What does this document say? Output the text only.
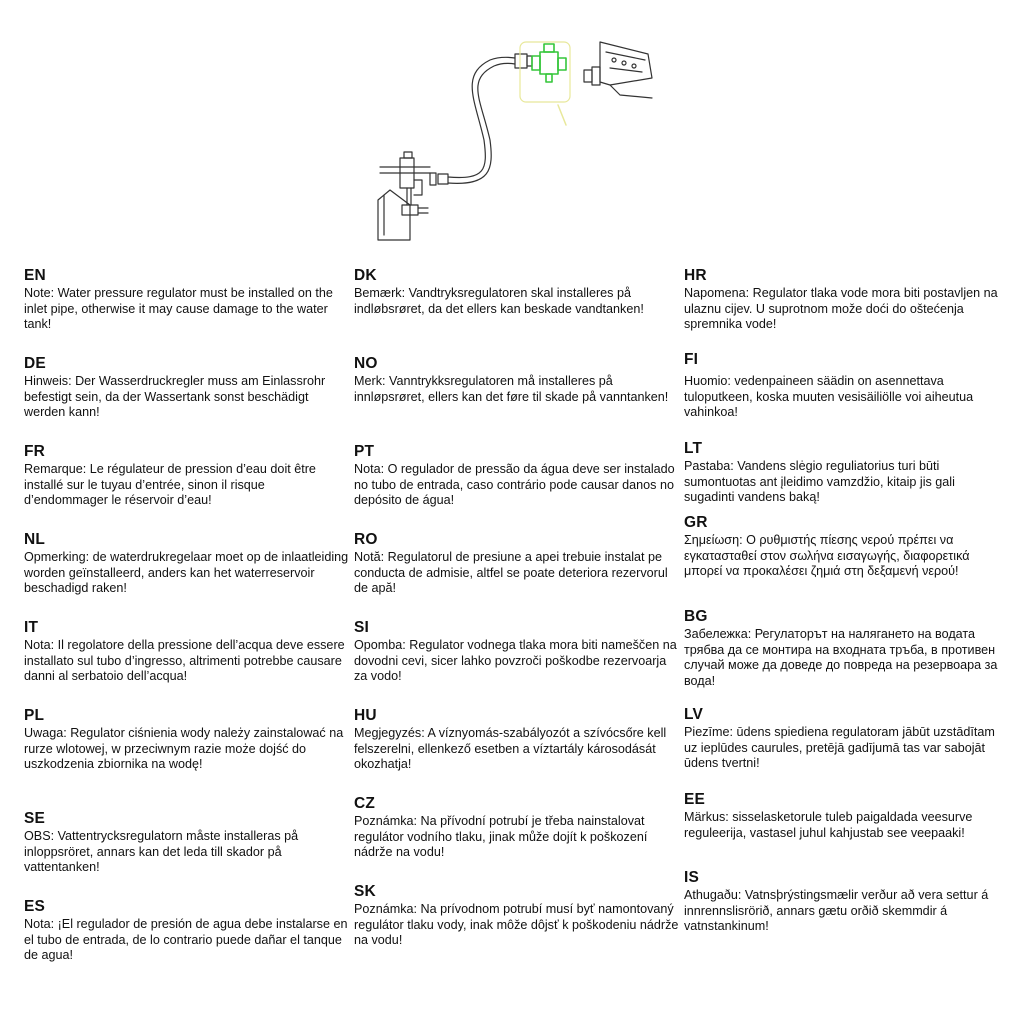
EN

Note: Water pressure regulator must be installed on the inlet pipe, otherwise it may cause damage to the water tank!

DE

Hinweis: Der Wasserdruckregler muss am Einlassrohr befestigt sein, da der Wassertank sonst beschädigt werden kann!

FR

Remarque: Le régulateur de pression d’eau doit être installé sur le tuyau d’entrée, sinon il risque d’endommager le réservoir d’eau!

NL

Opmerking: de waterdrukregelaar moet op de inlaatleiding worden geïnstalleerd, anders kan het waterreservoir beschadigd raken!

IT

Nota: Il regolatore della pressione dell’acqua deve essere installato sul tubo d’ingresso, altrimenti potrebbe causare danni al serbatoio dell’acqua!

PL

Uwaga: Regulator ciśnienia wody należy zainstalować na rurze wlotowej, w przeciwnym razie może dojść do uszkodzenia zbiornika na wodę!

SE

OBS: Vattentrycksregulatorn måste installeras på inloppsröret, annars kan det leda till skador på vattentanken!

ES

Nota: ¡El regulador de presión de agua debe instalarse en el tubo de entrada, de lo contrario puede dañar el tanque de agua!

DK

Bemærk: Vandtryksregulatoren skal installeres på indløbsrøret, da det ellers kan beskade vandtanken!

NO

Merk: Vanntrykksregulatoren må installeres på innløpsrøret, ellers kan det føre til skade på vanntanken!

PT

Nota: O regulador de pressão da água deve ser instalado no tubo de entrada, caso contrário pode causar danos no depósito de água!

RO

Notă: Regulatorul de presiune a apei trebuie instalat pe conducta de admisie, altfel se poate deteriora rezervorul de apă!

SI

Opomba: Regulator vodnega tlaka mora biti nameščen na dovodni cevi, sicer lahko povzroči poškodbe rezervoarja za vodo!

HU

Megjegyzés: A víznyomás-szabályozót a szívócsőre kell felszerelni, ellenkező esetben a víztartály károsodását okozhatja!

CZ

Poznámka: Na přívodní potrubí je třeba nainstalovat regulátor vodního tlaku, jinak může dojít k poškození nádrže na vodu!

SK

Poznámka: Na prívodnom potrubí musí byť namontovaný regulátor tlaku vody, inak môže dôjsť k poškodeniu nádrže na vodu!

HR

Napomena: Regulator tlaka vode mora biti postavljen na ulaznu cijev. U suprotnom može doći do oštećenja spremnika vode!

FI

Huomio: vedenpaineen säädin on asennettava tuloputkeen, koska muuten vesisäiliölle voi aiheutua vahinkoa!

LT

Pastaba: Vandens slėgio reguliatorius turi būti sumontuotas ant įleidimo vamzdžio, kitaip jis gali sugadinti vandens baką!

GR

Σημείωση: Ο ρυθμιστής πίεσης νερού πρέπει να εγκατασταθεί στον σωλήνα εισαγωγής, διαφορετικά μπορεί να προκαλέσει ζημιά στη δεξαμενή νερού!

BG

Забележка: Регулаторът на налягането на водата трябва да се монтира на входната тръба, в противен случай може да доведе до повреда на резервоара за вода!

LV

Piezīme: ūdens spiediena regulatoram jābūt uzstādītam uz ieplūdes caurules, pretējā gadījumā tas var sabojāt ūdens tvertni!

EE

Märkus: sisselasketorule tuleb paigaldada veesurve reguleerija, vastasel juhul kahjustab see veepaaki!

IS

Athugaðu: Vatnsþrýstingsmælir verður að vera settur á innrennslisrörið, annars gætu orðið skemmdir á vatnstankinum!
